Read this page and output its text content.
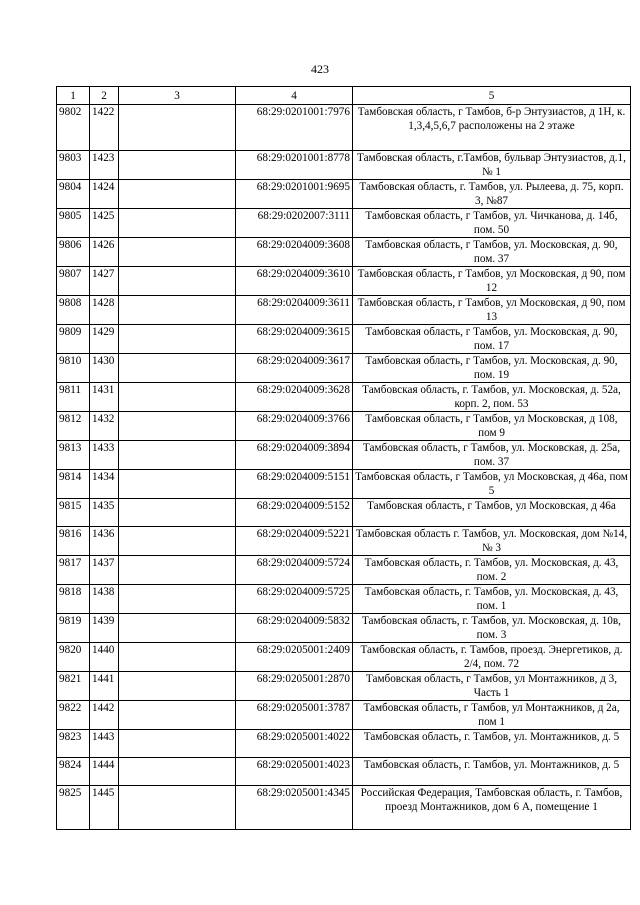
423
1	2	3	4	5
9802	1422		68:29:0201001:7976	Тамбовская область, г Тамбов, б-р Энтузиастов, д 1Н, к. 1,3,4,5,6,7 расположены на 2 этаже
9803	1423		68:29:0201001:8778	Тамбовская область, г.Тамбов, бульвар Энтузиастов, д.1, № 1
9804	1424		68:29:0201001:9695	Тамбовская область, г. Тамбов, ул. Рылеева, д. 75, корп. 3, №87
9805	1425		68:29:0202007:3111	Тамбовская область, г Тамбов, ул. Чичканова, д. 14б, пом. 50
9806	1426		68:29:0204009:3608	Тамбовская область, г Тамбов, ул. Московская, д. 90, пом. 37
9807	1427		68:29:0204009:3610	Тамбовская область, г Тамбов, ул Московская, д 90, пом 12
9808	1428		68:29:0204009:3611	Тамбовская область, г Тамбов, ул Московская, д 90, пом 13
9809	1429		68:29:0204009:3615	Тамбовская область, г Тамбов, ул. Московская, д. 90, пом. 17
9810	1430		68:29:0204009:3617	Тамбовская область, г Тамбов, ул. Московская, д. 90, пом. 19
9811	1431		68:29:0204009:3628	Тамбовская область, г. Тамбов, ул. Московская, д. 52а, корп. 2, пом. 53
9812	1432		68:29:0204009:3766	Тамбовская область, г Тамбов, ул Московская, д 108, пом 9
9813	1433		68:29:0204009:3894	Тамбовская область, г Тамбов, ул. Московская, д. 25а, пом. 37
9814	1434		68:29:0204009:5151	Тамбовская область, г Тамбов, ул Московская, д 46а, пом 5
9815	1435		68:29:0204009:5152	Тамбовская область, г Тамбов, ул Московская, д 46а
9816	1436		68:29:0204009:5221	Тамбовская область г. Тамбов, ул. Московская, дом №14, № 3
9817	1437		68:29:0204009:5724	Тамбовская область, г. Тамбов, ул. Московская, д. 43, пом. 2
9818	1438		68:29:0204009:5725	Тамбовская область, г. Тамбов, ул. Московская, д. 43, пом. 1
9819	1439		68:29:0204009:5832	Тамбовская область, г. Тамбов, ул. Московская, д. 10в, пом. 3
9820	1440		68:29:0205001:2409	Тамбовская область, г. Тамбов, проезд. Энергетиков, д. 2/4, пом. 72
9821	1441		68:29:0205001:2870	Тамбовская область, г Тамбов, ул Монтажников, д 3, Часть 1
9822	1442		68:29:0205001:3787	Тамбовская область, г Тамбов, ул Монтажников, д 2а, пом 1
9823	1443		68:29:0205001:4022	Тамбовская область, г. Тамбов, ул. Монтажников, д. 5
9824	1444		68:29:0205001:4023	Тамбовская область, г. Тамбов, ул. Монтажников, д. 5
9825	1445		68:29:0205001:4345	Российская Федерация, Тамбовская область, г. Тамбов, проезд Монтажников, дом 6 А, помещение 1
